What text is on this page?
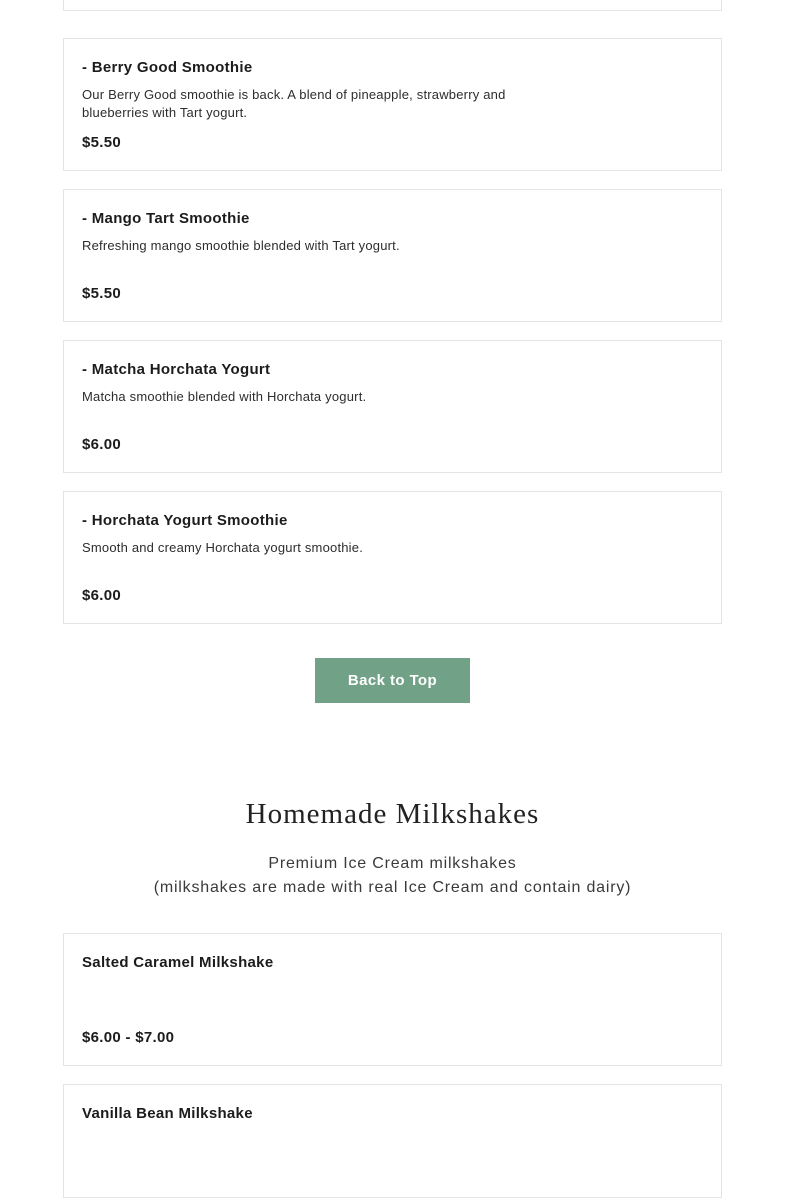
- Berry Good Smoothie
Our Berry Good smoothie is back. A blend of pineapple, strawberry and blueberries with Tart yogurt.
$5.50
- Mango Tart Smoothie
Refreshing mango smoothie blended with Tart yogurt.
$5.50
- Matcha Horchata Yogurt
Matcha smoothie blended with Horchata yogurt.
$6.00
- Horchata Yogurt Smoothie
Smooth and creamy Horchata yogurt smoothie.
$6.00
Back to Top
Homemade Milkshakes
Premium Ice Cream milkshakes
(milkshakes are made with real Ice Cream and contain dairy)
Salted Caramel Milkshake
$6.00 - $7.00
Vanilla Bean Milkshake
